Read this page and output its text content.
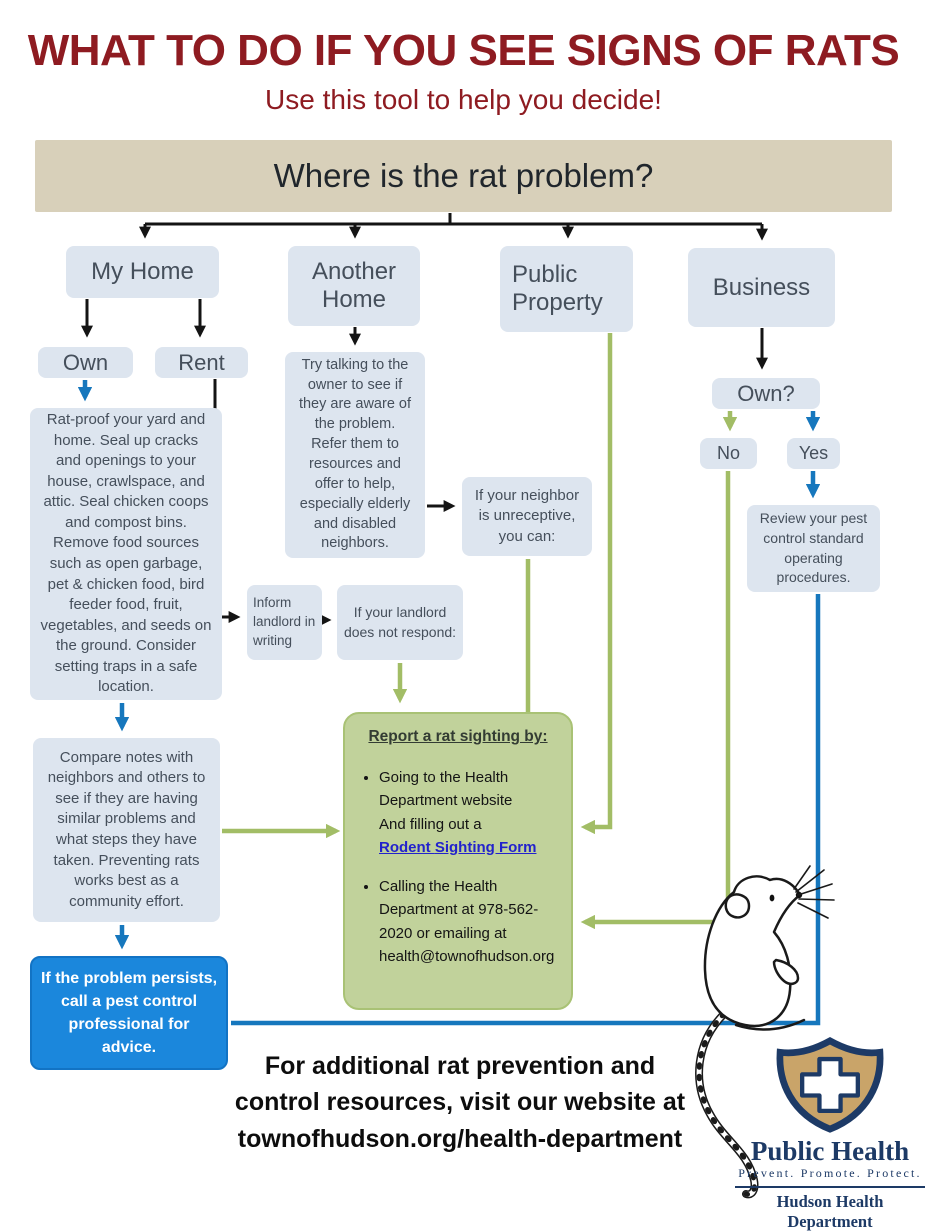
WHAT TO DO IF YOU SEE SIGNS OF RATS
Use this tool to help you decide!
Where is the rat problem?
My Home	Another Home
Public Property
Business
Own	Rent
Rat-proof your yard and home. Seal up cracks and openings to your house, crawlspace, and attic. Seal chicken coops and compost bins. Remove food sources such as open garbage, pet & chicken food, bird feeder food, fruit, vegetables, and seeds on the ground. Consider setting traps in a safe location.
Compare notes with neighbors and others to see if they are having similar problems and what steps they have taken. Preventing rats works best as a community effort.
Try talking to the owner to see if they are aware of the problem. Refer them to resources and offer to help, especially elderly and disabled neighbors.
If your neighbor is unreceptive, you can:
Inform landlord in writing
If your landlord does not respond:
Own?
No	Yes
Review your pest control standard operating procedures.
Report a rat sighting by:
• Going to the Health Department website
And filling out a
Rodent Sighting Form
• Calling the Health Department at 978-562-2020 or emailing at health@townofhudson.org
If the problem persists, call a pest control professional for advice.
For additional rat prevention and
control resources, visit our website at
townofhudson.org/health-department	Public Health
Prevent. Promote. Protect.
Hudson Health Department
